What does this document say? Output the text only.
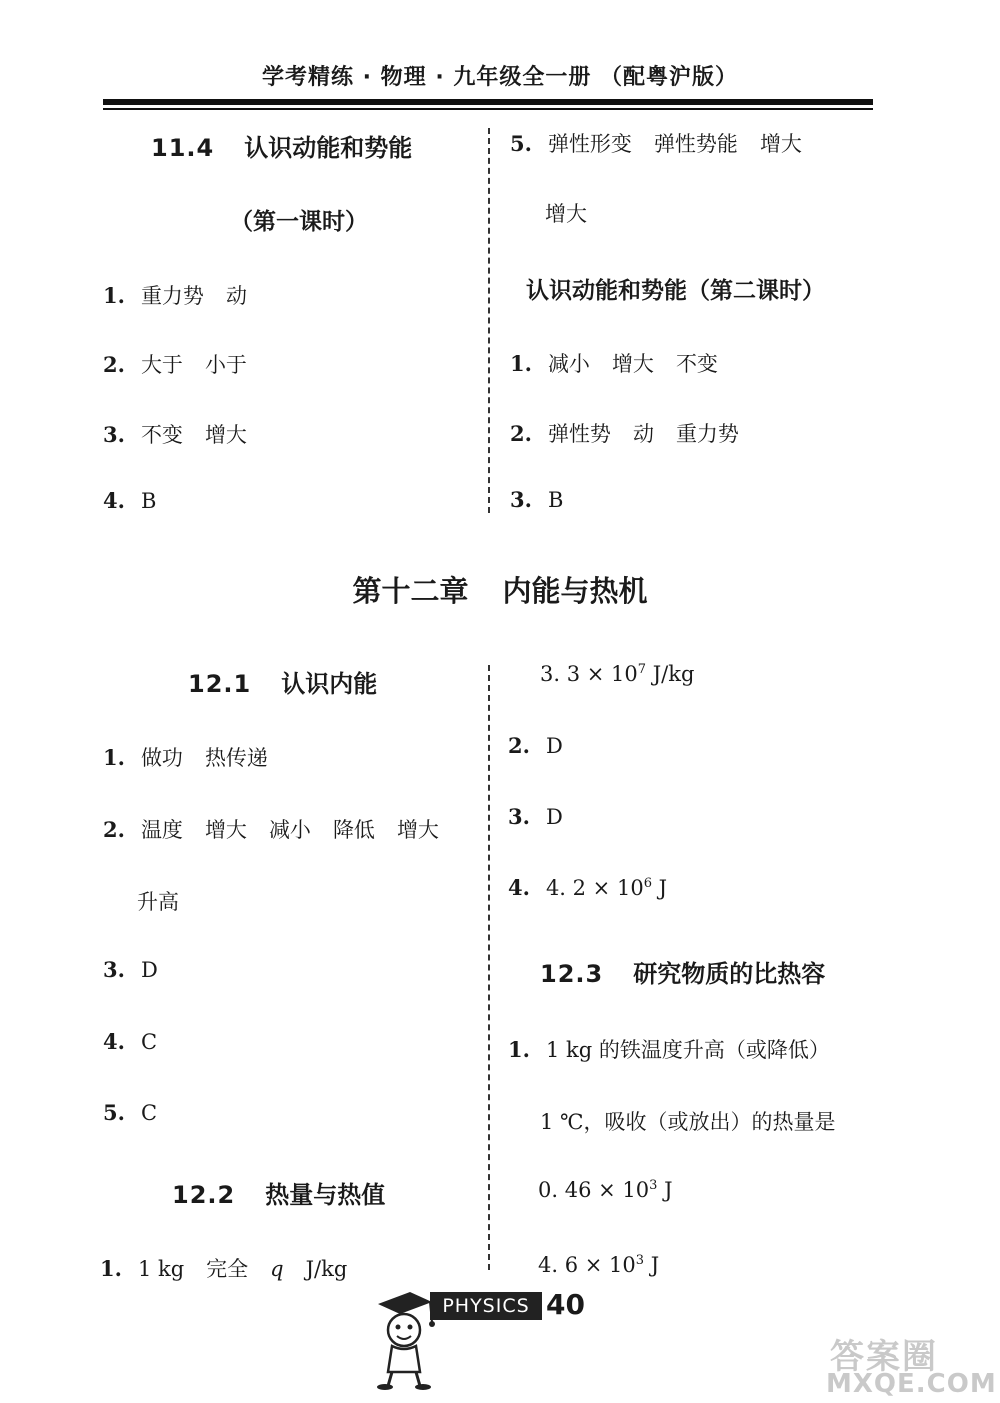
学考精练 · 物理 · 九年级全一册 （配粤沪版）
11.4 认识动能和势能
（第一课时）
1. 重力势 动
2. 大于 小于
3. 不变 增大
4. B
5. 弹性形变 弹性势能 增大
增大
认识动能和势能（第二课时）
1. 减小 增大 不变
2. 弹性势 动 重力势
3. B
第十二章 内能与热机
12.1 认识内能
1. 做功 热传递
2. 温度 增大 减小 降低 增大
升高
3. D
4. C
5. C
12.2 热量与热值
1. 1 kg 完全 q J/kg
3. $3 \times 10^7$ J/kg
2. D
3. D
4. 4. $2 \times 10^6$ J
12.3 研究物质的比热容
1. 1 kg 的铁温度升高（或降低）
1 ℃，吸收（或放出）的热量是
0. $46 \times 10^3$ J
4. $6 \times 10^3$ J
PHYSICS 40
答案圈
MXQE.COM
